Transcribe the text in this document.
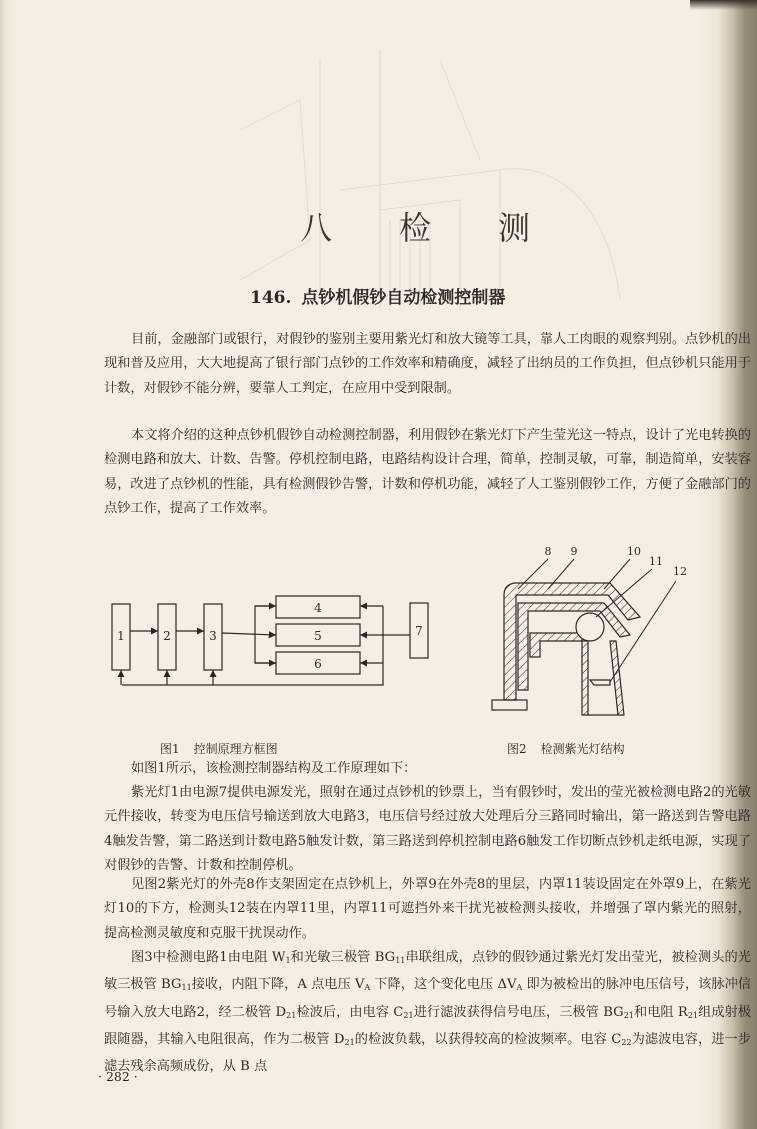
八 检 测
146. 点钞机假钞自动检测控制器

目前，金融部门或银行，对假钞的鉴别主要用紫光灯和放大镜等工具，靠人工肉眼的观察判别。点钞机的出现和普及应用，大大地提高了银行部门点钞的工作效率和精确度，减轻了出纳员的工作负担，但点钞机只能用于计数，对假钞不能分辨，要靠人工判定，在应用中受到限制。

本文将介绍的这种点钞机假钞自动检测控制器，利用假钞在紫光灯下产生莹光这一特点，设计了光电转换的检测电路和放大、计数、告警。停机控制电路，电路结构设计合理，简单，控制灵敏，可靠，制造简单，安装容易，改进了点钞机的性能，具有检测假钞告警，计数和停机功能，减轻了人工鉴别假钞工作，方便了金融部门的点钞工作，提高了工作效率。

1	2	3
4
5
6
7
图1 控制原理方框图
8 9	10
11
12
图2 检测紫光灯结构

如图1所示，该检测控制器结构及工作原理如下：

紫光灯1由电源7提供电源发光，照射在通过点钞机的钞票上，当有假钞时，发出的莹光被检测电路2的光敏元件接收，转变为电压信号输送到放大电路3，电压信号经过放大处理后分三路同时输出，第一路送到告警电路4触发告警，第二路送到计数电路5触发计数，第三路送到停机控制电路6触发工作切断点钞机走纸电源，实现了对假钞的告警、计数和控制停机。

见图2紫光灯的外壳8作支架固定在点钞机上，外罩9在外壳8的里层，内罩11装设固定在外罩9上，在紫光灯10的下方，检测头12装在内罩11里，内罩11可遮挡外来干扰光被检测头接收，并增强了罩内紫光的照射，提高检测灵敏度和克服干扰误动作。

图3中检测电路1由电阻 $W_1$和光敏三极管 $BG_{11}$串联组成，点钞的假钞通过紫光灯发出莹光，被检测头的光敏三极管 $BG_{11}$接收，内阻下降，A 点电压 $V_A$ 下降，这个变化电压 $\Delta V_A$ 即为被检出的脉冲电压信号，该脉冲信号输入放大电路2，经二极管 $D_{21}$检波后，由电容 $C_{21}$进行滤波获得信号电压，三极管 $BG_{21}$和电阻 $R_{21}$组成射极跟随器，其输入电阻很高，作为二极管 $D_{21}$的检波负载，以获得较高的检波频率。电容 $C_{22}$为滤波电容，进一步滤去残余高频成份，从 B 点

· 282 ·
